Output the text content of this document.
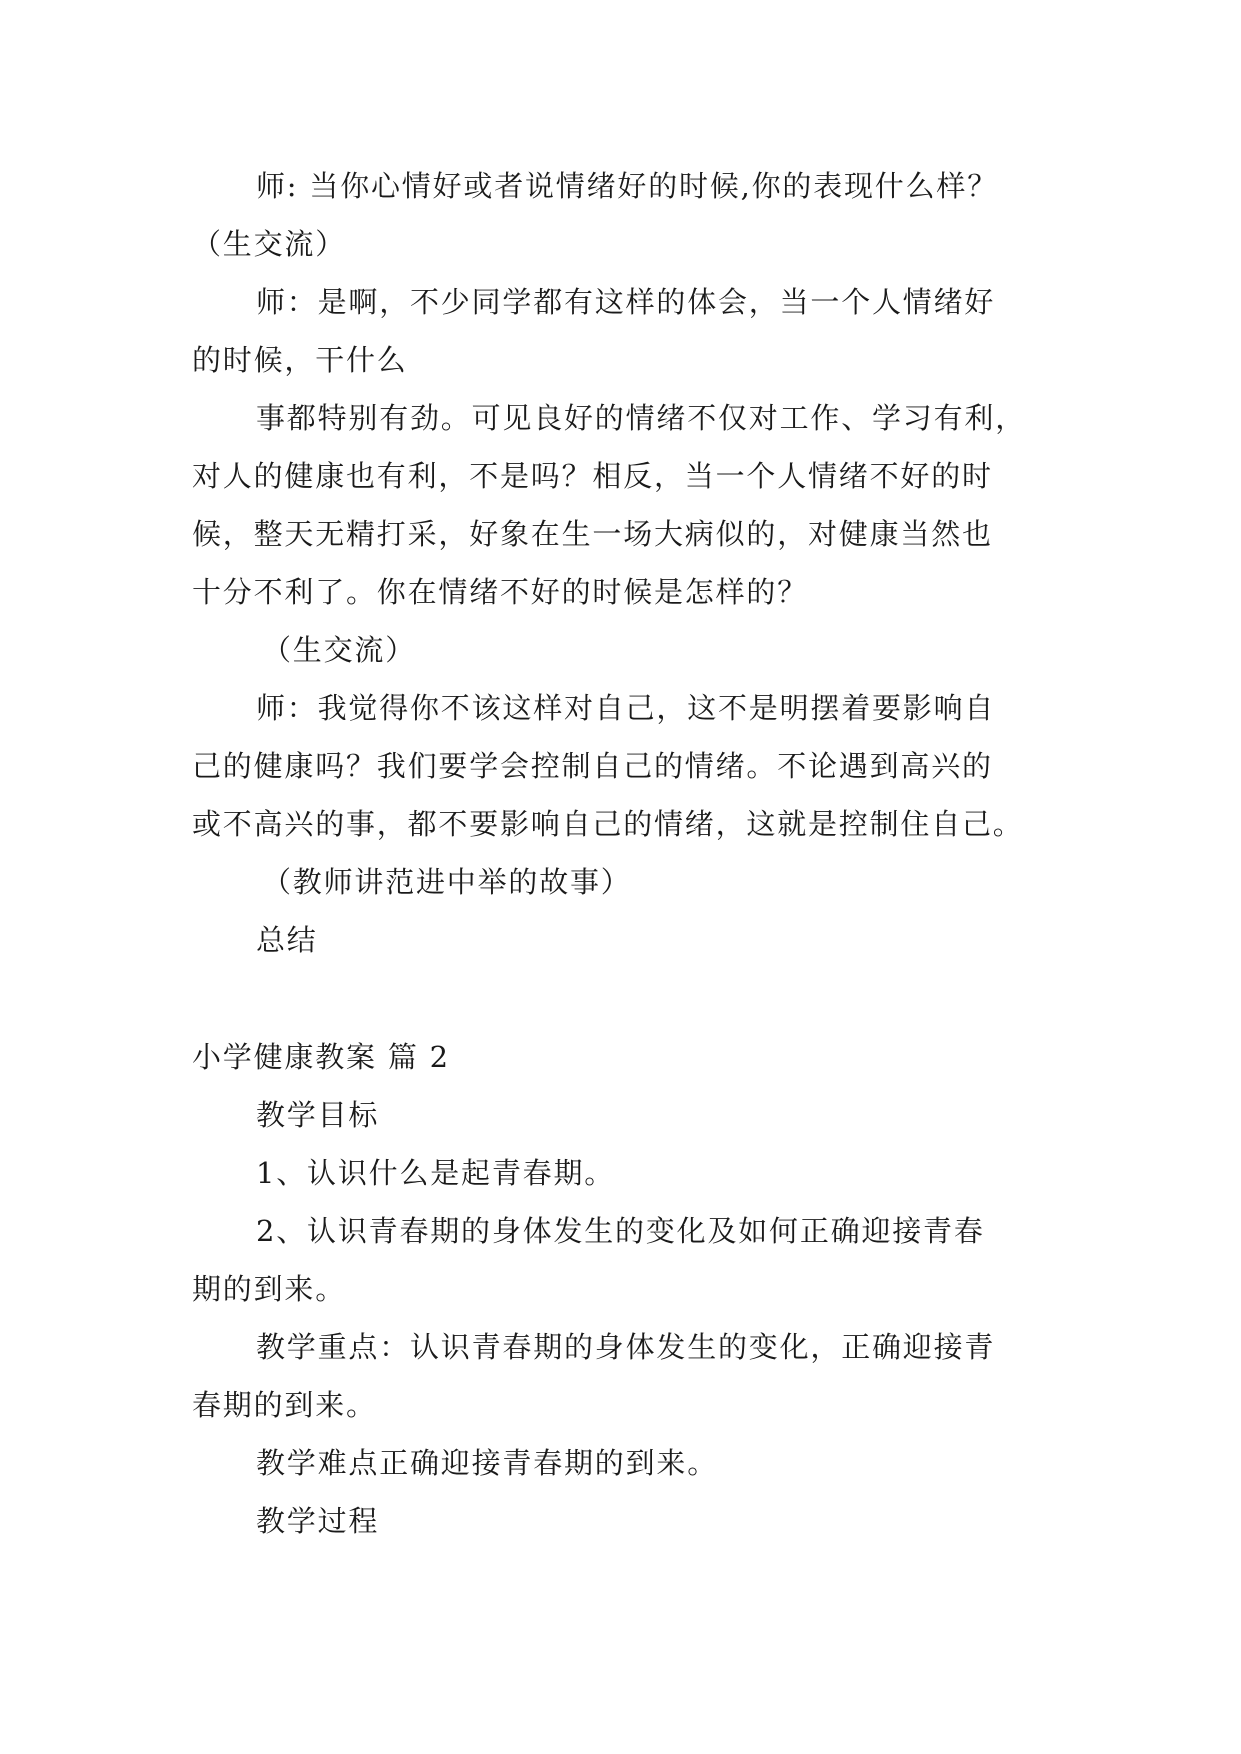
师: 当你心情好或者说情绪好的时候,你的表现什么样？
（生交流）
师：是啊，不少同学都有这样的体会，当一个人情绪好
的时候，干什么
事都特别有劲。可见良好的情绪不仅对工作、学习有利，
对人的健康也有利，不是吗？相反，当一个人情绪不好的时
候，整天无精打采，好象在生一场大病似的，对健康当然也
十分不利了。你在情绪不好的时候是怎样的？
（生交流）
师：我觉得你不该这样对自己，这不是明摆着要影响自
己的健康吗？我们要学会控制自己的情绪。不论遇到高兴的
或不高兴的事，都不要影响自己的情绪，这就是控制住自己。
（教师讲范进中举的故事）
总结
小学健康教案 篇 2
教学目标
1、认识什么是起青春期。
2、认识青春期的身体发生的变化及如何正确迎接青春
期的到来。
教学重点：认识青春期的身体发生的变化，正确迎接青
春期的到来。
教学难点正确迎接青春期的到来。
教学过程
